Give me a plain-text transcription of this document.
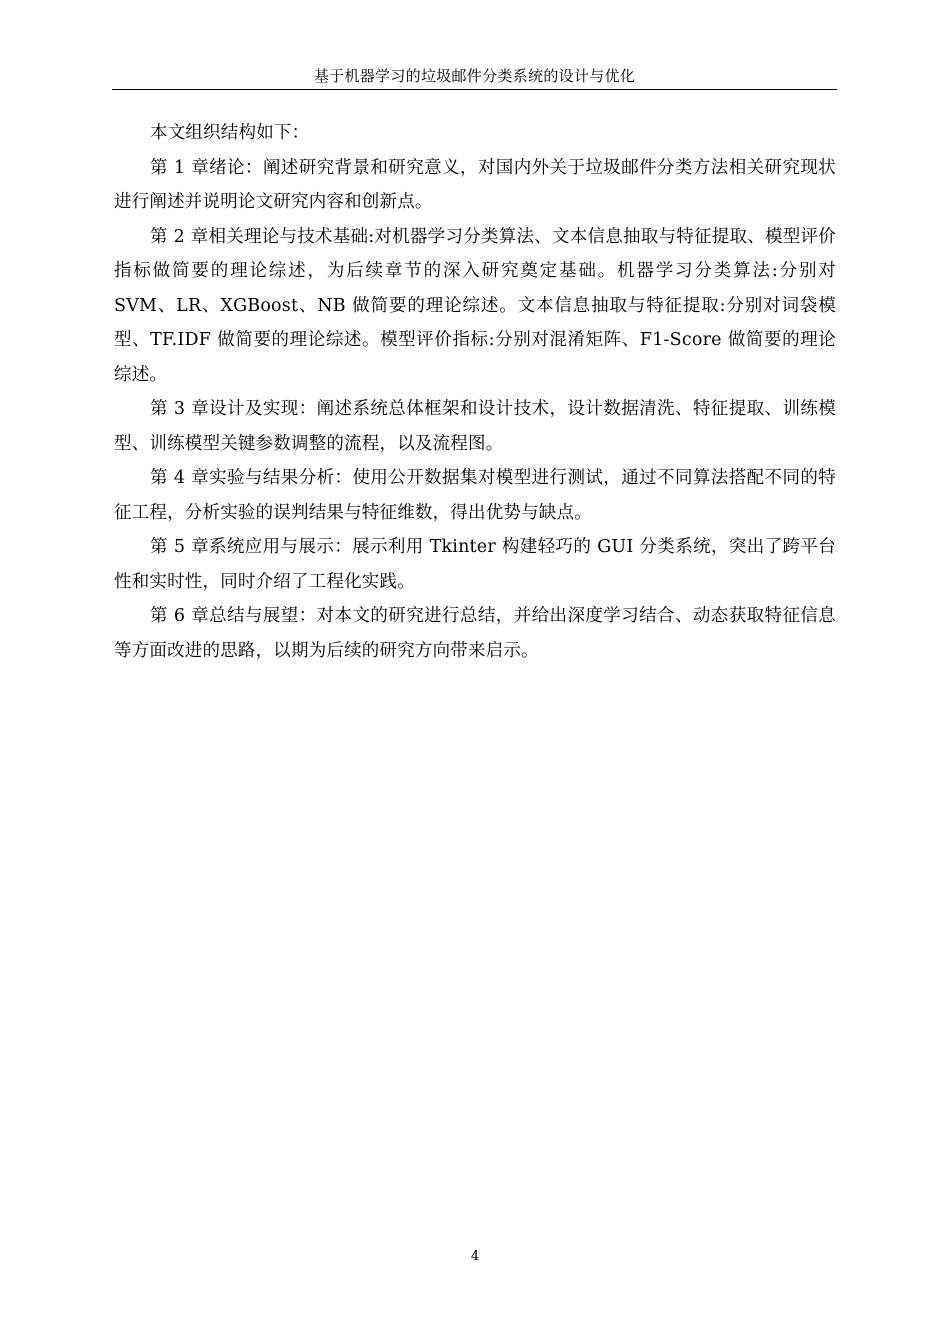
基于机器学习的垃圾邮件分类系统的设计与优化

本文组织结构如下：

第 1 章绪论：阐述研究背景和研究意义，对国内外关于垃圾邮件分类方法相关研究现状进行阐述并说明论文研究内容和创新点。

第 2 章相关理论与技术基础:对机器学习分类算法、文本信息抽取与特征提取、模型评价指标做简要的理论综述，为后续章节的深入研究奠定基础。机器学习分类算法:分别对 SVM、LR、XGBoost、NB 做简要的理论综述。文本信息抽取与特征提取:分别对词袋模型、TF.IDF 做简要的理论综述。模型评价指标:分别对混淆矩阵、F1-Score 做简要的理论综述。

第 3 章设计及实现：阐述系统总体框架和设计技术，设计数据清洗、特征提取、训练模型、训练模型关键参数调整的流程，以及流程图。

第 4 章实验与结果分析：使用公开数据集对模型进行测试，通过不同算法搭配不同的特征工程，分析实验的误判结果与特征维数，得出优势与缺点。

第 5 章系统应用与展示：展示利用 Tkinter 构建轻巧的 GUI 分类系统，突出了跨平台性和实时性，同时介绍了工程化实践。

第 6 章总结与展望：对本文的研究进行总结，并给出深度学习结合、动态获取特征信息等方面改进的思路，以期为后续的研究方向带来启示。

4
